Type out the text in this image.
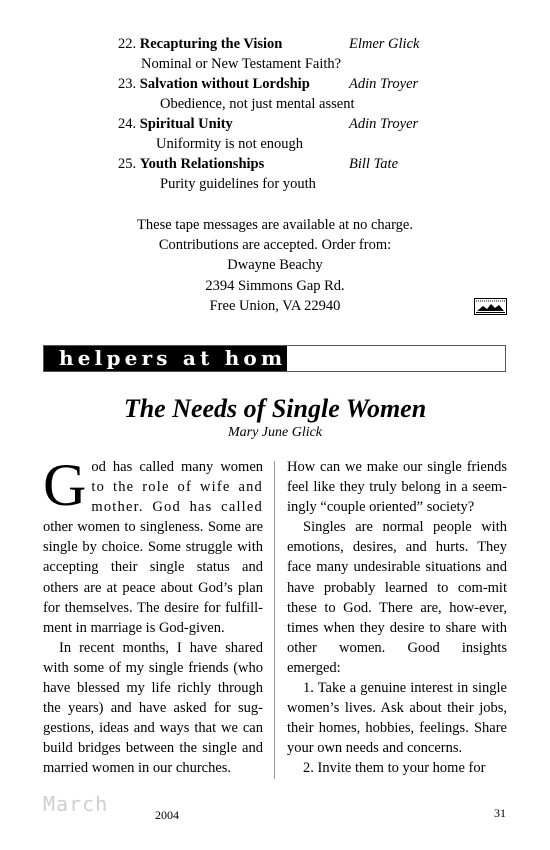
22. Recapturing the Vision	Elmer Glick
Nominal or New Testament Faith?
23. Salvation without Lordship	Adin Troyer
Obedience, not just mental assent
24. Spiritual Unity	Adin Troyer
Uniformity is not enough
25. Youth Relationships	Bill Tate
Purity guidelines for youth
These tape messages are available at no charge.
Contributions are accepted. Order from:
Dwayne Beachy
2394 Simmons Gap Rd.
Free Union, VA 22940
helpers at home
The Needs of Single Women
Mary June Glick

G od has called many women to the role of wife and mother. God has called other women to singleness. Some are single by choice. Some struggle with accepting their single status and others are at peace about God’s plan for themselves. The desire for fulfill-ment in marriage is God-given.

In recent months, I have shared with some of my single friends (who have blessed my life richly through the years) and have asked for sug-gestions, ideas and ways that we can build bridges between the single and married women in our churches.

How can we make our single friends feel like they truly belong in a seem-ingly “couple oriented” society?

Singles are normal people with emotions, desires, and hurts. They face many undesirable situations and have probably learned to com-mit these to God. There are, how-ever, times when they desire to share with other women. Good insights emerged:

1. Take a genuine interest in single women’s lives. Ask about their jobs, their homes, hobbies, feelings. Share your own needs and concerns.

2. Invite them to your home for

March	2004	31
